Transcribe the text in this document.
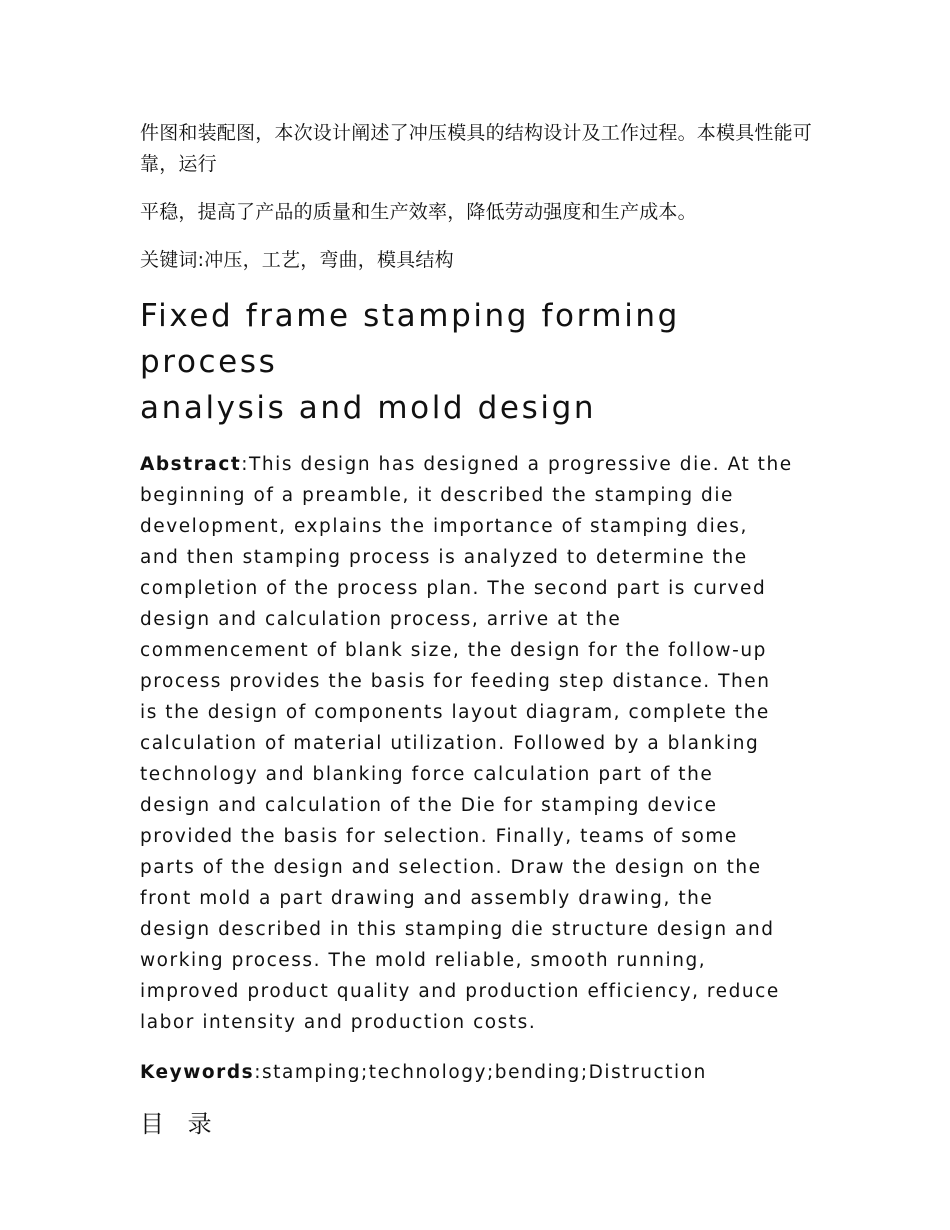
件图和装配图，本次设计阐述了冲压模具的结构设计及工作过程。本模具性能可靠，运行

平稳，提高了产品的质量和生产效率，降低劳动强度和生产成本。

关键词:冲压，工艺，弯曲，模具结构

Fixed frame stamping forming process
analysis and mold design

Abstract:This design has designed a progressive die. At the
beginning of a preamble, it described the stamping die
development, explains the importance of stamping dies,
and then stamping process is analyzed to determine the
completion of the process plan. The second part is curved
design and calculation process, arrive at the
commencement of blank size, the design for the follow-up
process provides the basis for feeding step distance. Then
is the design of components layout diagram, complete the
calculation of material utilization. Followed by a blanking
technology and blanking force calculation part of the
design and calculation of the Die for stamping device
provided the basis for selection. Finally, teams of some
parts of the design and selection. Draw the design on the
front mold a part drawing and assembly drawing, the
design described in this stamping die structure design and
working process. The mold reliable, smooth running,
improved product quality and production efficiency, reduce
labor intensity and production costs.

Keywords:stamping;technology;bending;Distruction

目 录
